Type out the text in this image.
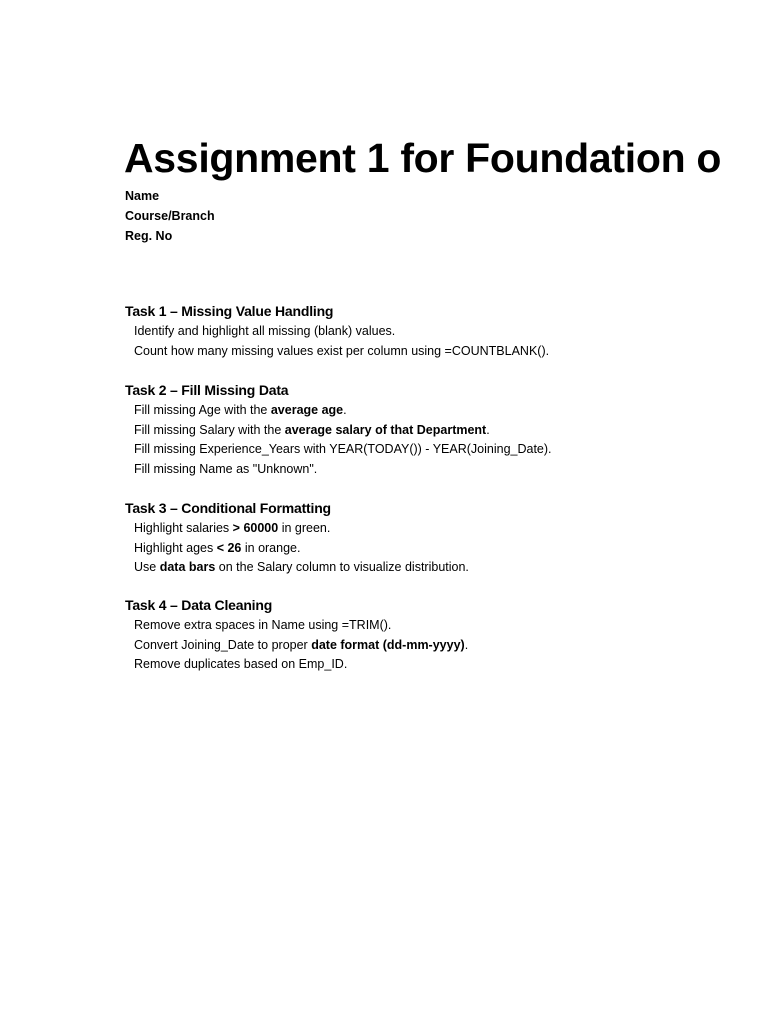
Assignment 1 for Foundation o
Name
Course/Branch
Reg. No
Task 1 – Missing Value Handling
Identify and highlight all missing (blank) values.
Count how many missing values exist per column using =COUNTBLANK().
Task 2 – Fill Missing Data
Fill missing Age with the average age.
Fill missing Salary with the average salary of that Department.
Fill missing Experience_Years with YEAR(TODAY()) - YEAR(Joining_Date).
Fill missing Name as "Unknown".
Task 3 – Conditional Formatting
Highlight salaries > 60000 in green.
Highlight ages < 26 in orange.
Use data bars on the Salary column to visualize distribution.
Task 4 – Data Cleaning
Remove extra spaces in Name using =TRIM().
Convert Joining_Date to proper date format (dd-mm-yyyy).
Remove duplicates based on Emp_ID.
